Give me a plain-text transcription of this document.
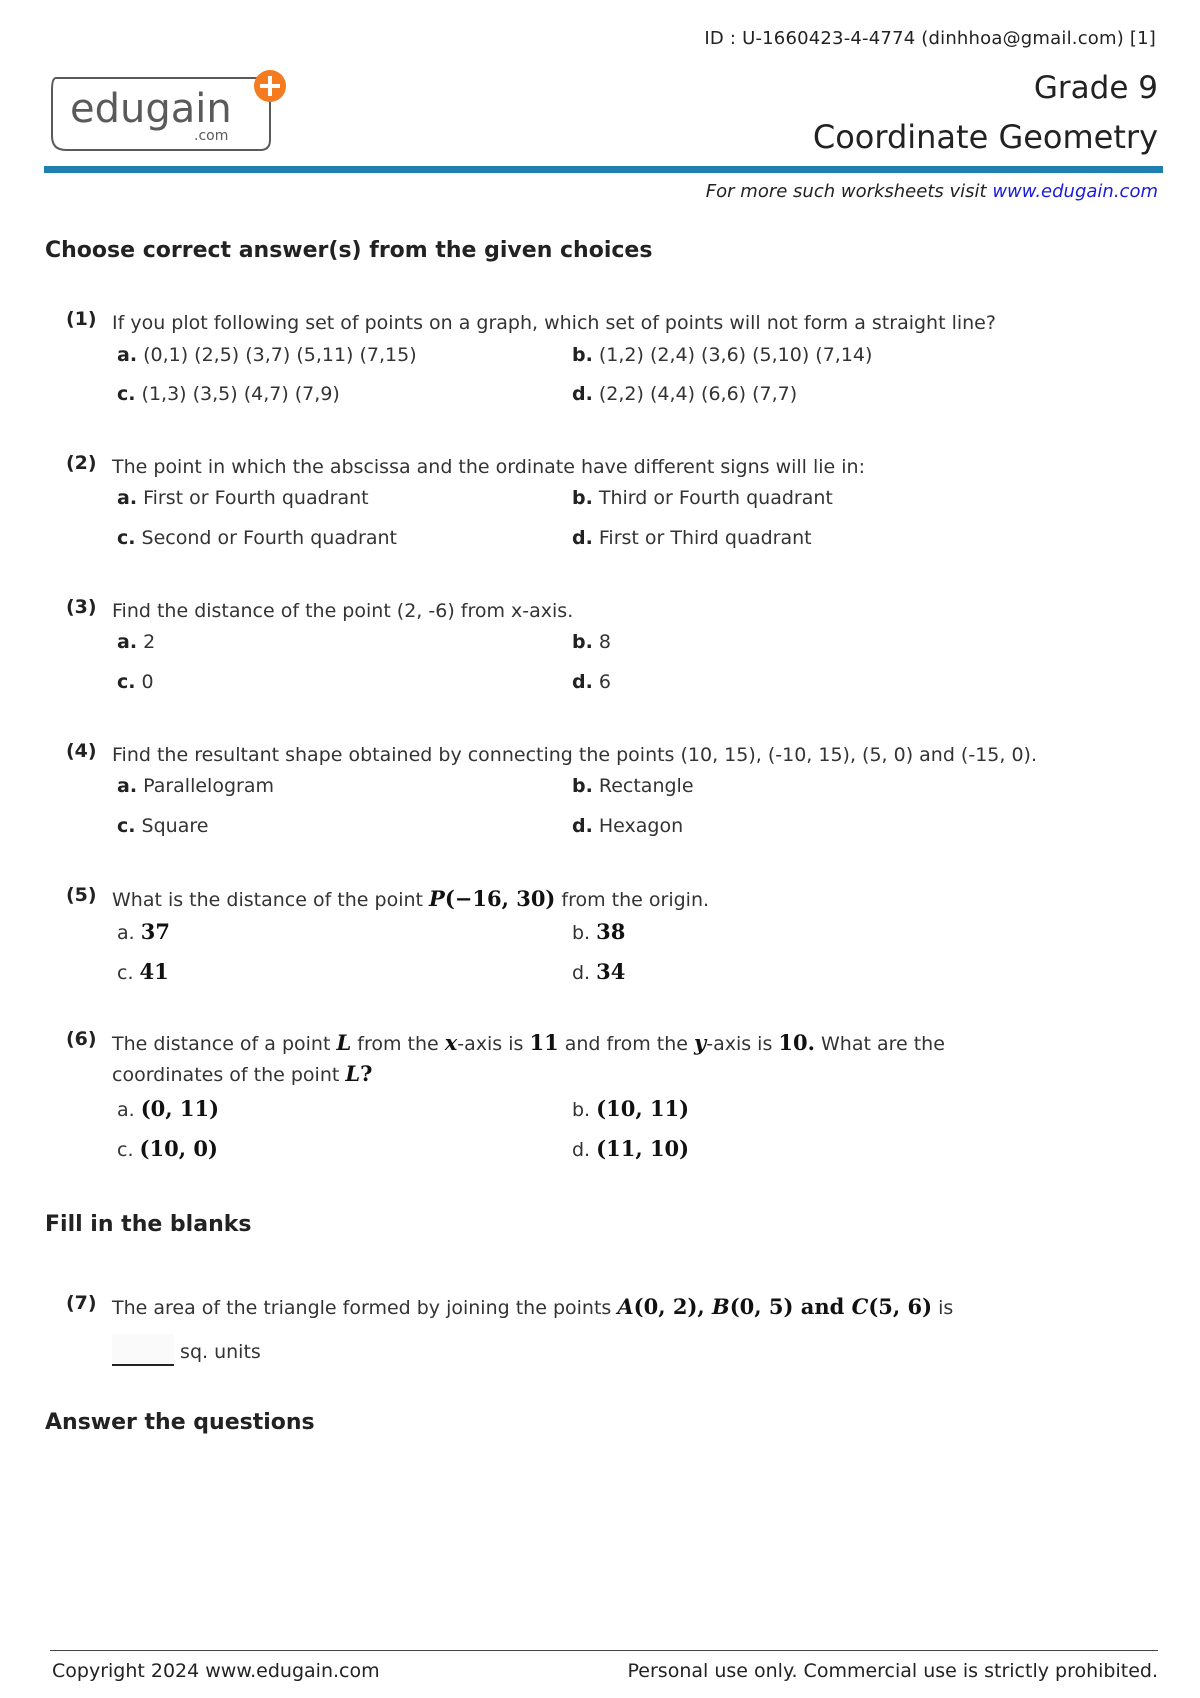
ID : U-1660423-4-4774 (dinhhoa@gmail.com) [1]
edugain
.com
Grade 9
Coordinate Geometry
For more such worksheets visit www.edugain.com
Choose correct answer(s) from the given choices
(1) If you plot following set of points on a graph, which set of points will not form a straight line?
a. (0,1) (2,5) (3,7) (5,11) (7,15)	b. (1,2) (2,4) (3,6) (5,10) (7,14)
c. (1,3) (3,5) (4,7) (7,9)	d. (2,2) (4,4) (6,6) (7,7)
(2) The point in which the abscissa and the ordinate have different signs will lie in:
a. First or Fourth quadrant	b. Third or Fourth quadrant
c. Second or Fourth quadrant	d. First or Third quadrant
(3) Find the distance of the point (2, -6) from x-axis.
a. 2	b. 8
c. 0	d. 6
(4) Find the resultant shape obtained by connecting the points (10, 15), (-10, 15), (5, 0) and (-15, 0).
a. Parallelogram	b. Rectangle
c. Square	d. Hexagon
(5) What is the distance of the point P(−16, 30) from the origin.
a. 37	b. 38
c. 41	d. 34
(6) The distance of a point L from the x-axis is 11 and from the y-axis is 10. What are the coordinates of the point L?
a. (0, 11)	b. (10, 11)
c. (10, 0)	d. (11, 10)
Fill in the blanks
(7) The area of the triangle formed by joining the points A(0, 2), B(0, 5) and C(5, 6) is  sq. units
Answer the questions
Copyright 2024 www.edugain.com	Personal use only. Commercial use is strictly prohibited.
